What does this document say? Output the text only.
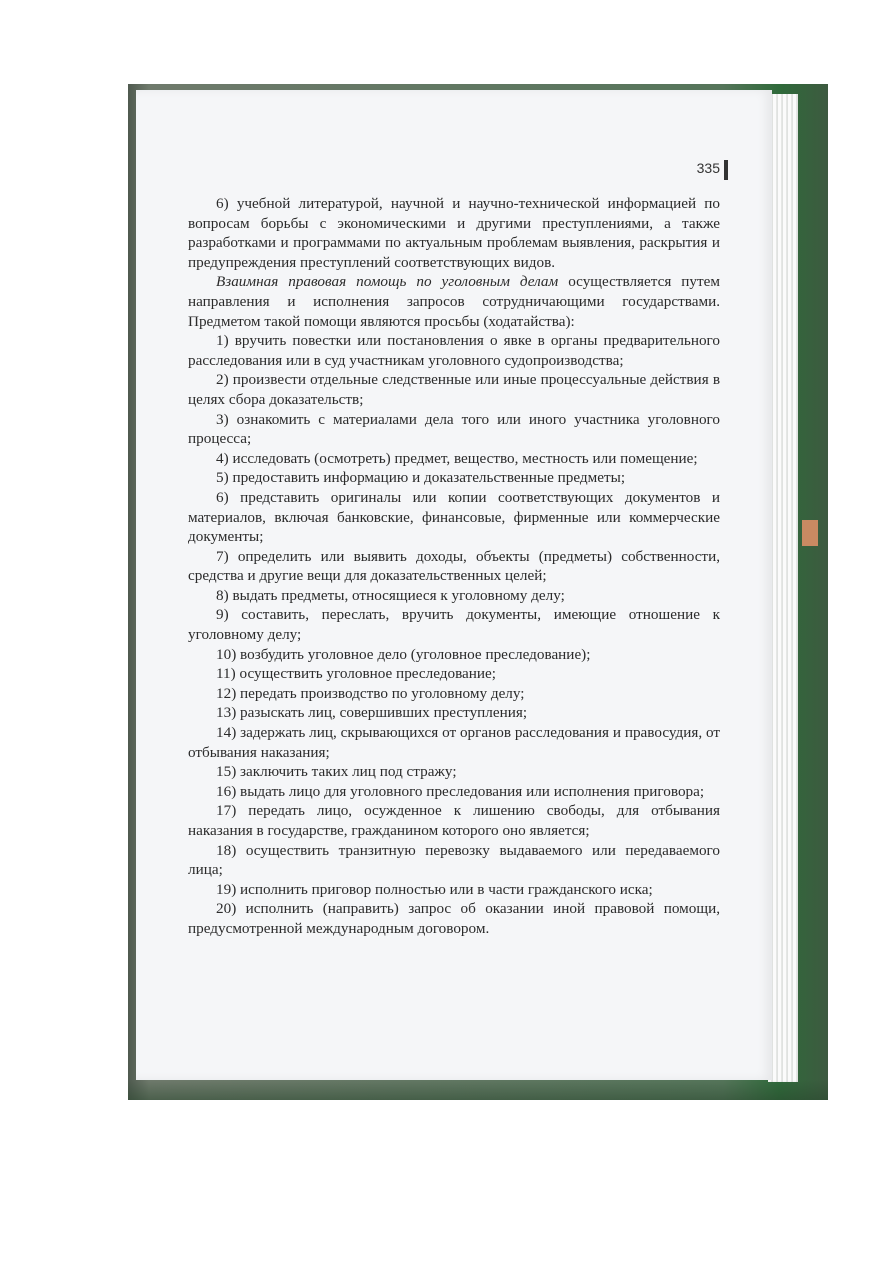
335

6) учебной литературой, научной и научно-технической информацией по вопросам борьбы с экономическими и другими преступлениями, а также разработками и программами по актуальным проблемам выявления, раскрытия и предупреждения преступлений соответствующих видов.

Взаимная правовая помощь по уголовным делам осуществляется путем направления и исполнения запросов сотрудничающими государствами. Предметом такой помощи являются просьбы (ходатайства):

1) вручить повестки или постановления о явке в органы предварительного расследования или в суд участникам уголовного судопроизводства;

2) произвести отдельные следственные или иные процессуальные действия в целях сбора доказательств;

3) ознакомить с материалами дела того или иного участника уголовного процесса;

4) исследовать (осмотреть) предмет, вещество, местность или помещение;

5) предоставить информацию и доказательственные предметы;

6) представить оригиналы или копии соответствующих документов и материалов, включая банковские, финансовые, фирменные или коммерческие документы;

7) определить или выявить доходы, объекты (предметы) собственности, средства и другие вещи для доказательственных целей;

8) выдать предметы, относящиеся к уголовному делу;

9) составить, переслать, вручить документы, имеющие отношение к уголовному делу;

10) возбудить уголовное дело (уголовное преследование);

11) осуществить уголовное преследование;

12) передать производство по уголовному делу;

13) разыскать лиц, совершивших преступления;

14) задержать лиц, скрывающихся от органов расследования и правосудия, от отбывания наказания;

15) заключить таких лиц под стражу;

16) выдать лицо для уголовного преследования или исполнения приговора;

17) передать лицо, осужденное к лишению свободы, для отбывания наказания в государстве, гражданином которого оно является;

18) осуществить транзитную перевозку выдаваемого или передаваемого лица;

19) исполнить приговор полностью или в части гражданского иска;

20) исполнить (направить) запрос об оказании иной правовой помощи, предусмотренной международным договором.
